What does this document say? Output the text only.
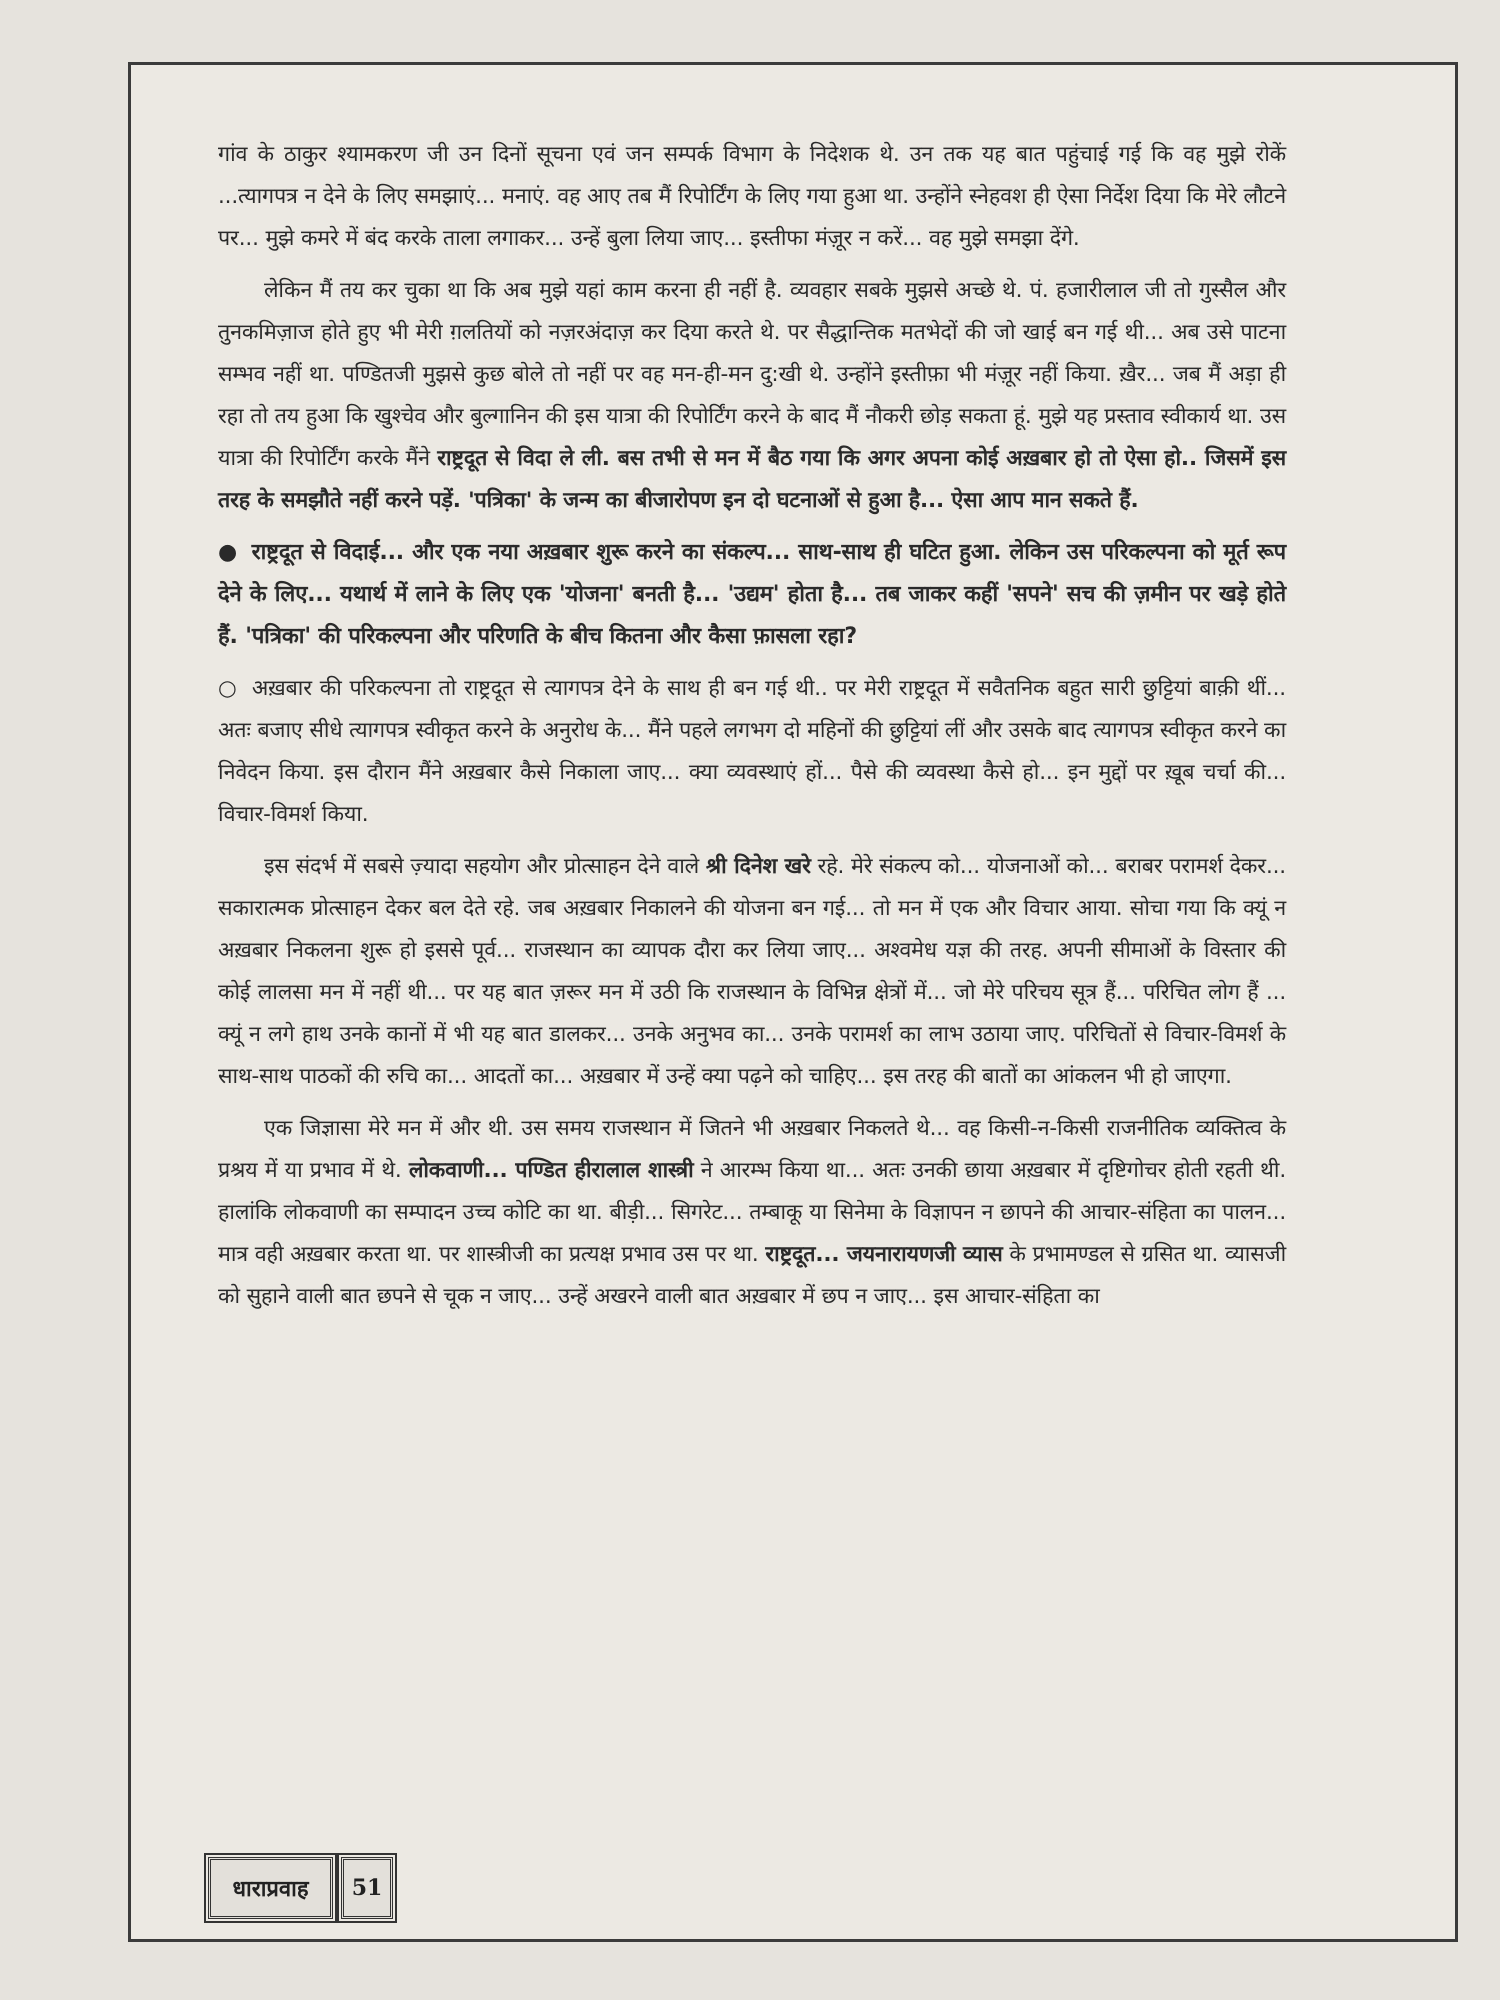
गांव के ठाकुर श्यामकरण जी उन दिनों सूचना एवं जन सम्पर्क विभाग के निदेशक थे. उन तक यह बात पहुंचाई गई कि वह मुझे रोकें ...त्यागपत्र न देने के लिए समझाएं... मनाएं. वह आए तब मैं रिपोर्टिंग के लिए गया हुआ था. उन्होंने स्नेहवश ही ऐसा निर्देश दिया कि मेरे लौटने पर... मुझे कमरे में बंद करके ताला लगाकर... उन्हें बुला लिया जाए... इस्तीफा मंज़ूर न करें... वह मुझे समझा देंगे.

लेकिन मैं तय कर चुका था कि अब मुझे यहां काम करना ही नहीं है. व्यवहार सबके मुझसे अच्छे थे. पं. हजारीलाल जी तो गुस्सैल और तुनकमिज़ाज होते हुए भी मेरी ग़लतियों को नज़रअंदाज़ कर दिया करते थे. पर सैद्धान्तिक मतभेदों की जो खाई बन गई थी... अब उसे पाटना सम्भव नहीं था. पण्डितजी मुझसे कुछ बोले तो नहीं पर वह मन-ही-मन दु:खी थे. उन्होंने इस्तीफ़ा भी मंज़ूर नहीं किया. ख़ैर... जब मैं अड़ा ही रहा तो तय हुआ कि खुश्चेव और बुल्गानिन की इस यात्रा की रिपोर्टिंग करने के बाद मैं नौकरी छोड़ सकता हूं. मुझे यह प्रस्ताव स्वीकार्य था. उस यात्रा की रिपोर्टिंग करके मैंने राष्ट्रदूत से विदा ले ली. बस तभी से मन में बैठ गया कि अगर अपना कोई अख़बार हो तो ऐसा हो.. जिसमें इस तरह के समझौते नहीं करने पड़ें. 'पत्रिका' के जन्म का बीजारोपण इन दो घटनाओं से हुआ है... ऐसा आप मान सकते हैं.

● राष्ट्रदूत से विदाई... और एक नया अख़बार शुरू करने का संकल्प... साथ-साथ ही घटित हुआ. लेकिन उस परिकल्पना को मूर्त रूप देने के लिए... यथार्थ में लाने के लिए एक 'योजना' बनती है... 'उद्यम' होता है... तब जाकर कहीं 'सपने' सच की ज़मीन पर खड़े होते हैं. 'पत्रिका' की परिकल्पना और परिणति के बीच कितना और कैसा फ़ासला रहा?

○ अख़बार की परिकल्पना तो राष्ट्रदूत से त्यागपत्र देने के साथ ही बन गई थी.. पर मेरी राष्ट्रदूत में सवैतनिक बहुत सारी छुट्टियां बाक़ी थीं... अतः बजाए सीधे त्यागपत्र स्वीकृत करने के अनुरोध के... मैंने पहले लगभग दो महिनों की छुट्टियां लीं और उसके बाद त्यागपत्र स्वीकृत करने का निवेदन किया. इस दौरान मैंने अख़बार कैसे निकाला जाए... क्या व्यवस्थाएं हों... पैसे की व्यवस्था कैसे हो... इन मुद्दों पर ख़ूब चर्चा की... विचार-विमर्श किया.

इस संदर्भ में सबसे ज़्यादा सहयोग और प्रोत्साहन देने वाले श्री दिनेश खरे रहे. मेरे संकल्प को... योजनाओं को... बराबर परामर्श देकर... सकारात्मक प्रोत्साहन देकर बल देते रहे. जब अख़बार निकालने की योजना बन गई... तो मन में एक और विचार आया. सोचा गया कि क्यूं न अख़बार निकलना शुरू हो इससे पूर्व... राजस्थान का व्यापक दौरा कर लिया जाए... अश्वमेध यज्ञ की तरह. अपनी सीमाओं के विस्तार की कोई लालसा मन में नहीं थी... पर यह बात ज़रूर मन में उठी कि राजस्थान के विभिन्न क्षेत्रों में... जो मेरे परिचय सूत्र हैं... परिचित लोग हैं ... क्यूं न लगे हाथ उनके कानों में भी यह बात डालकर... उनके अनुभव का... उनके परामर्श का लाभ उठाया जाए. परिचितों से विचार-विमर्श के साथ-साथ पाठकों की रुचि का... आदतों का... अख़बार में उन्हें क्या पढ़ने को चाहिए... इस तरह की बातों का आंकलन भी हो जाएगा.

एक जिज्ञासा मेरे मन में और थी. उस समय राजस्थान में जितने भी अख़बार निकलते थे... वह किसी-न-किसी राजनीतिक व्यक्तित्व के प्रश्रय में या प्रभाव में थे. लोकवाणी... पण्डित हीरालाल शास्त्री ने आरम्भ किया था... अतः उनकी छाया अख़बार में दृष्टिगोचर होती रहती थी. हालांकि लोकवाणी का सम्पादन उच्च कोटि का था. बीड़ी... सिगरेट... तम्बाकू या सिनेमा के विज्ञापन न छापने की आचार-संहिता का पालन... मात्र वही अख़बार करता था. पर शास्त्रीजी का प्रत्यक्ष प्रभाव उस पर था. राष्ट्रदूत... जयनारायणजी व्यास के प्रभामण्डल से ग्रसित था. व्यासजी को सुहाने वाली बात छपने से चूक न जाए... उन्हें अखरने वाली बात अख़बार में छप न जाए... इस आचार-संहिता का

धाराप्रवाह	51
